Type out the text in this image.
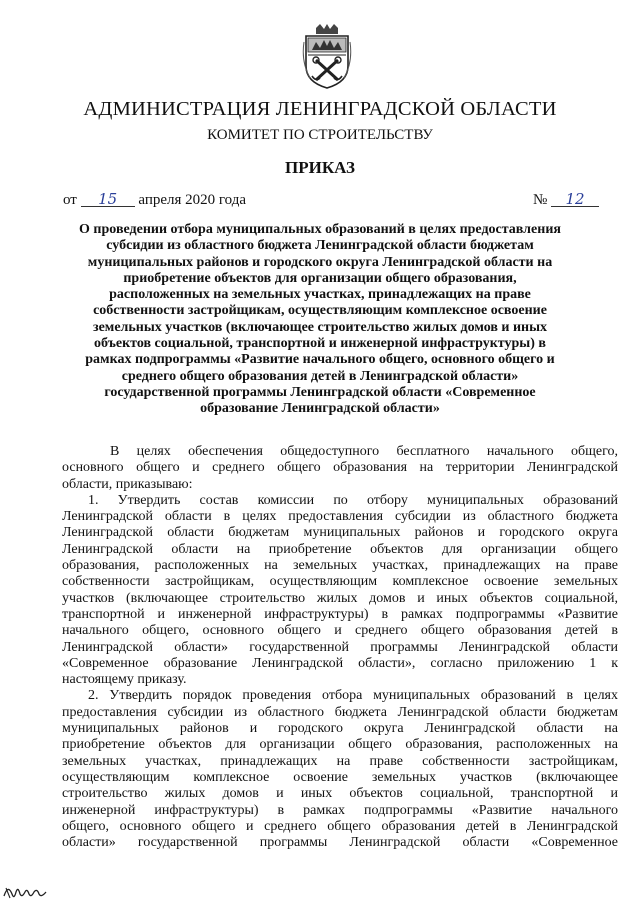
АДМИНИСТРАЦИЯ ЛЕНИНГРАДСКОЙ ОБЛАСТИ
КОМИТЕТ ПО СТРОИТЕЛЬСТВУ
ПРИКАЗ
от 15 апреля 2020 года	№ 12
О проведении отбора муниципальных образований в целях предоставления
субсидии из областного бюджета Ленинградской области бюджетам
муниципальных районов и городского округа Ленинградской области на
приобретение объектов для организации общего образования,
расположенных на земельных участках, принадлежащих на праве
собственности застройщикам, осуществляющим комплексное освоение
земельных участков (включающее строительство жилых домов и иных
объектов социальной, транспортной и инженерной инфраструктуры) в
рамках подпрограммы «Развитие начального общего, основного общего и
среднего общего образования детей в Ленинградской области»
государственной программы Ленинградской области «Современное
образование Ленинградской области»
В целях обеспечения общедоступного бесплатного начального общего,
основного общего и среднего общего образования на территории Ленинградской
области, приказываю:
1. Утвердить состав комиссии по отбору муниципальных образований
Ленинградской области в целях предоставления субсидии из областного бюджета
Ленинградской области бюджетам муниципальных районов и городского округа
Ленинградской области на приобретение объектов для организации общего
образования, расположенных на земельных участках, принадлежащих на праве
собственности застройщикам, осуществляющим комплексное освоение земельных
участков (включающее строительство жилых домов и иных объектов социальной,
транспортной и инженерной инфраструктуры) в рамках подпрограммы «Развитие
начального общего, основного общего и среднего общего образования детей в
Ленинградской области» государственной программы Ленинградской области
«Современное образование Ленинградской области», согласно приложению 1 к
настоящему приказу.
2. Утвердить порядок проведения отбора муниципальных образований в целях
предоставления субсидии из областного бюджета Ленинградской области бюджетам
муниципальных районов и городского округа Ленинградской области на
приобретение объектов для организации общего образования, расположенных на
земельных участках, принадлежащих на праве собственности застройщикам,
осуществляющим комплексное освоение земельных участков (включающее
строительство жилых домов и иных объектов социальной, транспортной и
инженерной инфраструктуры) в рамках подпрограммы «Развитие начального
общего, основного общего и среднего общего образования детей в Ленинградской
области» государственной программы Ленинградской области «Современное
